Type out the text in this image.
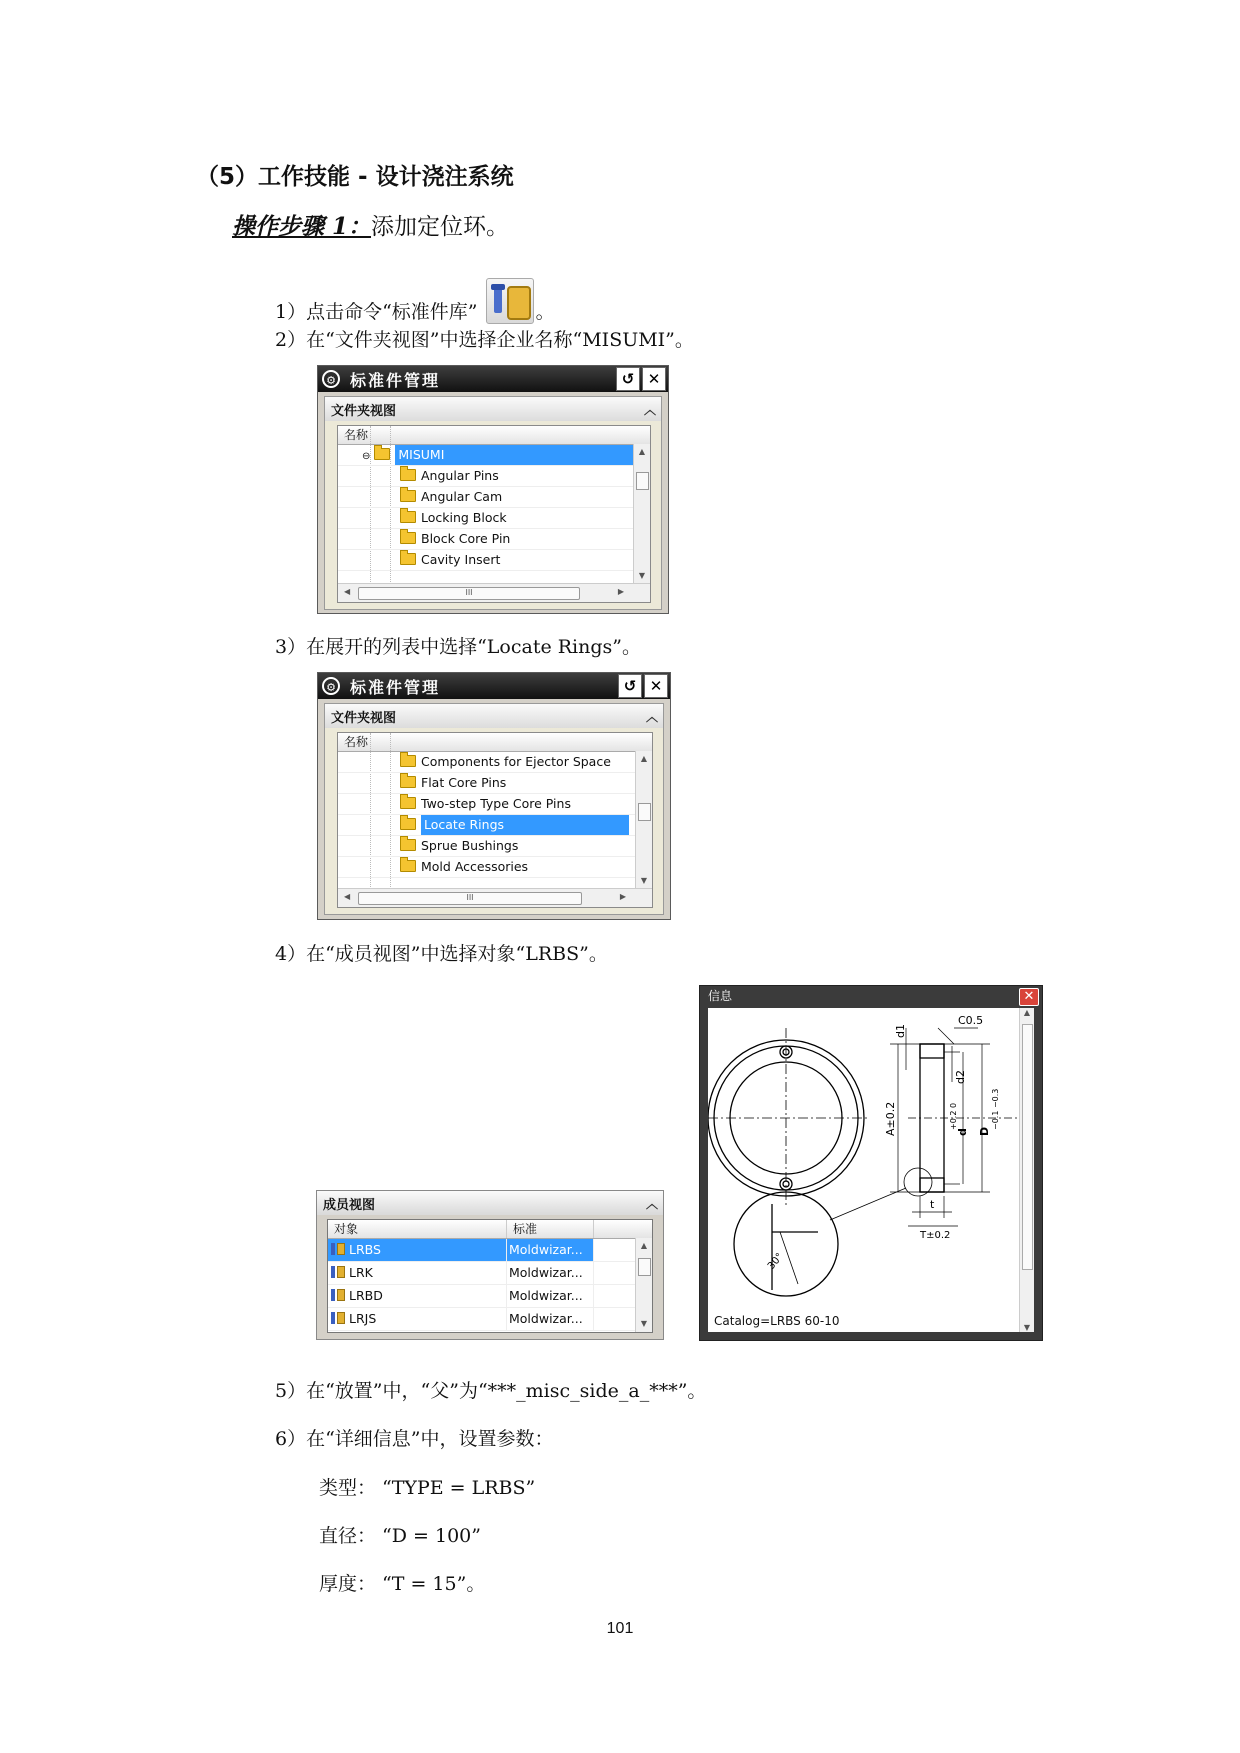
（5）工作技能 - 设计浇注系统
操作步骤 1：添加定位环。
1）点击命令“标准件库”	。
2）在“文件夹视图”中选择企业名称“MISUMI”。
⚙ 标准件管理	↺ ✕
文件夹视图	︿
名称
⊖ MISUMI
Angular Pins
Angular Cam
Locking Block
Block Core Pin
Cavity Insert
▲
▼
◀	III	▶
3）在展开的列表中选择“Locate Rings”。
⚙ 标准件管理	↺ ✕
文件夹视图	︿
名称
Components for Ejector Space
Flat Core Pins
Two-step Type Core Pins
Locate Rings
Sprue Bushings
Mold Accessories
▲
▼
◀	III	▶
4）在“成员视图”中选择对象“LRBS”。
成员视图	︿
对象	标准
LRBS	Moldwizar...
LRK	Moldwizar...
LRBD	Moldwizar...
LRJS	Moldwizar...
▲
▼
信息	✕
C0.5
d1
d2
A±0.2	d
+0.2 0
D
−0.1 −0.3
t
T±0.2
30°
Catalog=LRBS 60-10
▲
▼
5）在“放置”中，“父”为“***_misc_side_a_***”。
6）在“详细信息”中，设置参数：
类型： “TYPE = LRBS”
直径： “D = 100”
厚度： “T = 15”。
101
